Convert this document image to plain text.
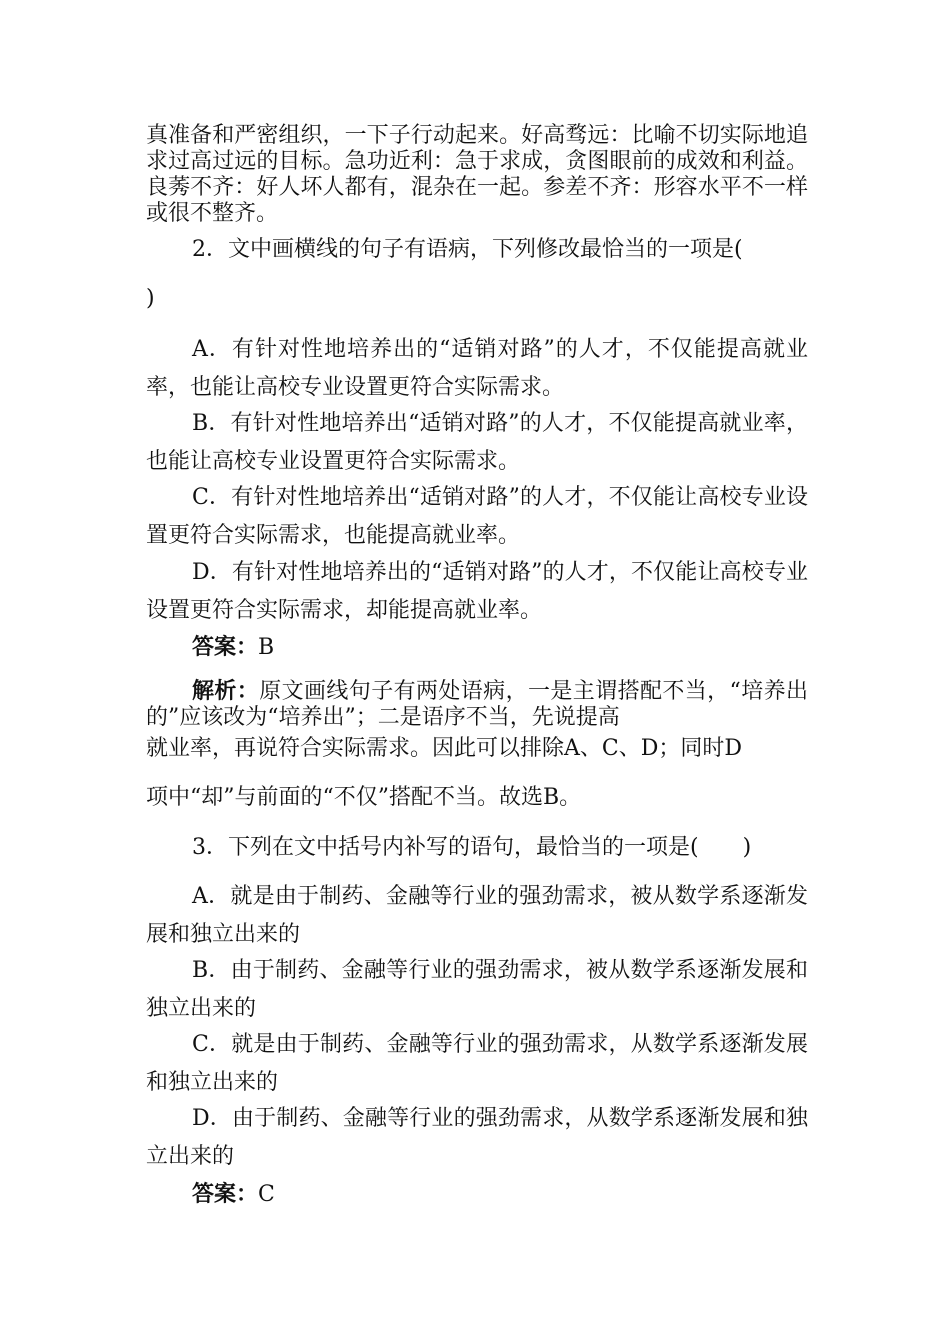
真准备和严密组织，一下子行动起来。好高骛远：比喻不切实际地追求过高过远的目标。急功近利：急于求成，贪图眼前的成效和利益。良莠不齐：好人坏人都有，混杂在一起。参差不齐：形容水平不一样或很不整齐。

2．文中画横线的句子有语病，下列修改最恰当的一项是(

)

A．有针对性地培养出的“适销对路”的人才，不仅能提高就业率，也能让高校专业设置更符合实际需求。

B．有针对性地培养出“适销对路”的人才，不仅能提高就业率，也能让高校专业设置更符合实际需求。

C．有针对性地培养出“适销对路”的人才，不仅能让高校专业设置更符合实际需求，也能提高就业率。

D．有针对性地培养出的“适销对路”的人才，不仅能让高校专业设置更符合实际需求，却能提高就业率。

答案：B

解析：原文画线句子有两处语病，一是主谓搭配不当，“培养出的”应该改为“培养出”；二是语序不当，先说提高

就业率，再说符合实际需求。因此可以排除A、C、D；同时D

项中“却”与前面的“不仅”搭配不当。故选B。

3．下列在文中括号内补写的语句，最恰当的一项是(　　)

A．就是由于制药、金融等行业的强劲需求，被从数学系逐渐发展和独立出来的

B．由于制药、金融等行业的强劲需求，被从数学系逐渐发展和独立出来的

C．就是由于制药、金融等行业的强劲需求，从数学系逐渐发展和独立出来的

D．由于制药、金融等行业的强劲需求，从数学系逐渐发展和独立出来的

答案：C
